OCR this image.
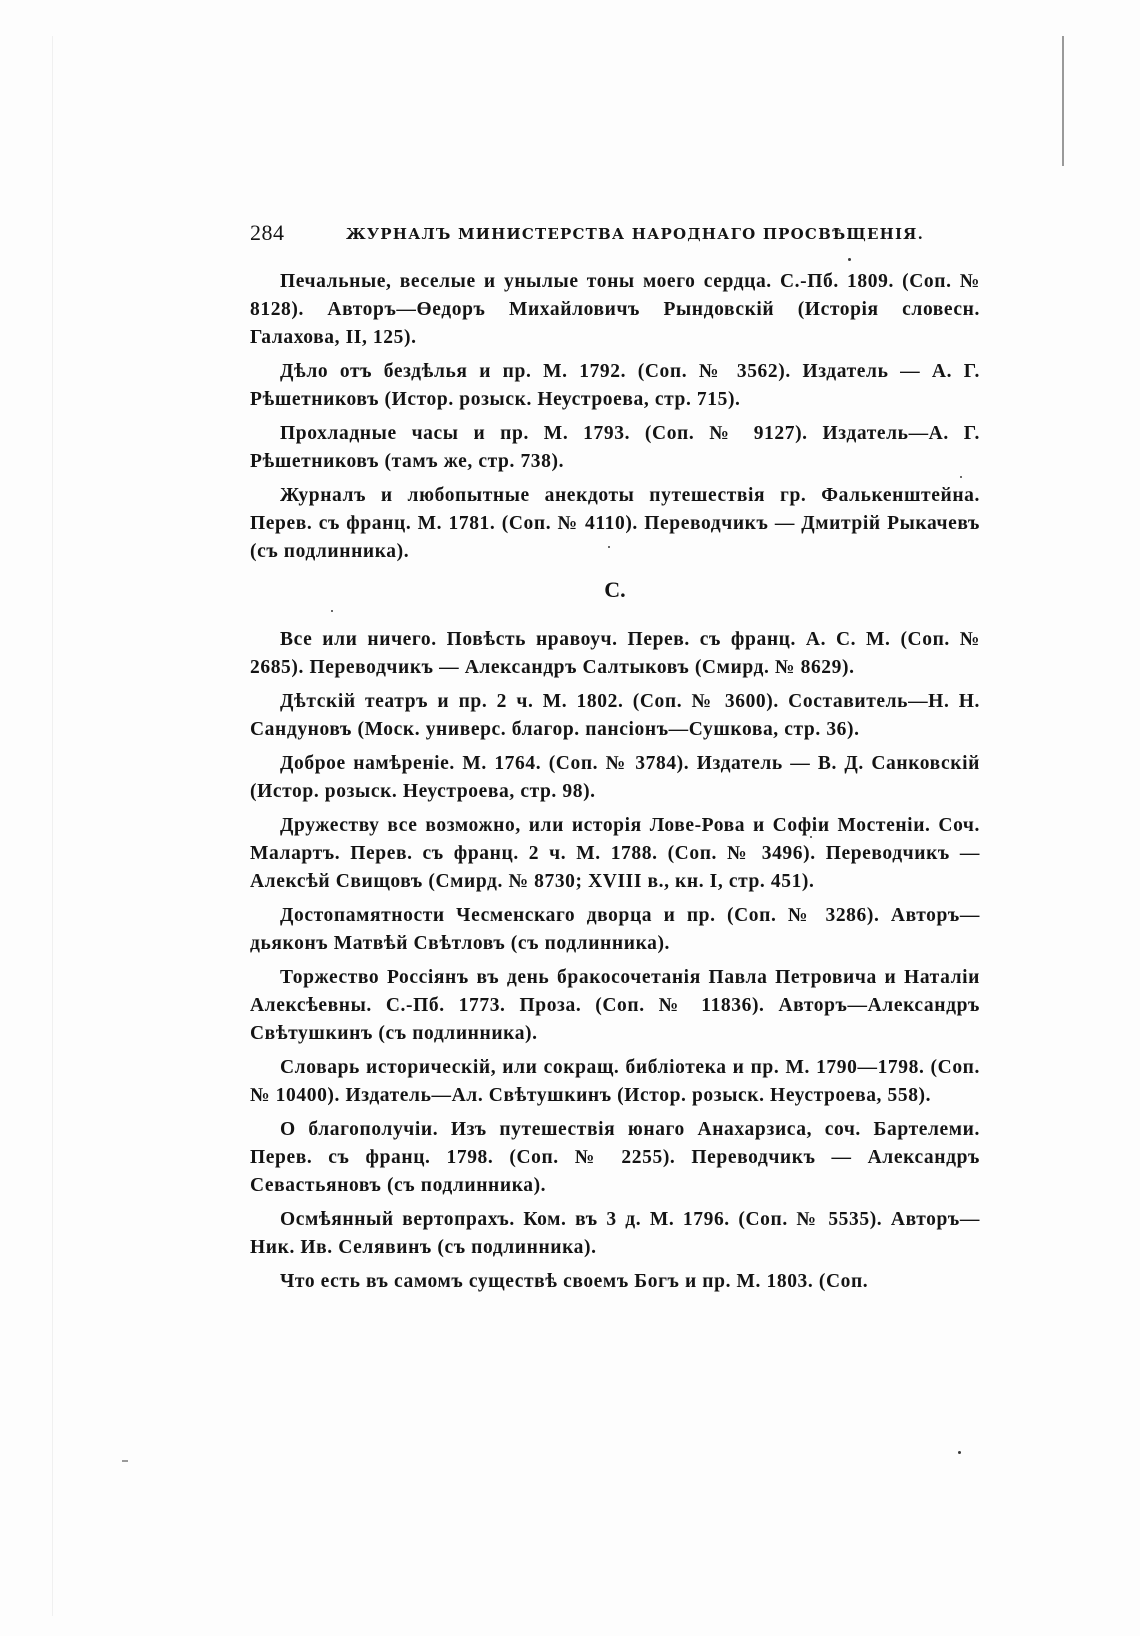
284	ЖУРНАЛЪ МИНИСТЕРСТВА НАРОДНАГО ПРОСВѢЩЕНІЯ.

Печальные, веселые и унылые тоны моего сердца. С.-Пб. 1809. (Соп. № 8128). Авторъ—Өедоръ Михайловичъ Рындовскій (Исторія словесн. Галахова, II, 125).

Дѣло отъ бездѣлья и пр. М. 1792. (Соп. № 3562). Издатель — А. Г. Рѣшетниковъ (Истор. розыск. Неустроева, стр. 715).

Прохладные часы и пр. М. 1793. (Соп. № 9127). Издатель—А. Г. Рѣшетниковъ (тамъ же, стр. 738).

Журналъ и любопытные анекдоты путешествія гр. Фалькенштейна. Перев. съ франц. М. 1781. (Соп. № 4110). Переводчикъ — Дмитрій Рыкачевъ (съ подлинника).

С.

Все или ничего. Повѣсть нравоуч. Перев. съ франц. А. С. М. (Соп. № 2685). Переводчикъ — Александръ Салтыковъ (Смирд. № 8629).

Дѣтскій театръ и пр. 2 ч. М. 1802. (Соп. № 3600). Составитель—Н. Н. Сандуновъ (Моск. универс. благор. пансіонъ—Сушкова, стр. 36).

Доброе намѣреніе. М. 1764. (Соп. № 3784). Издатель — В. Д. Санковскій (Истор. розыск. Неустроева, стр. 98).

Дружеству все возможно, или исторія Лове-Рова и Софіи Мостеніи. Соч. Малартъ. Перев. съ франц. 2 ч. М. 1788. (Соп. № 3496). Переводчикъ — Алексѣй Свищовъ (Смирд. № 8730; XVIII в., кн. I, стр. 451).

Достопамятности Чесменскаго дворца и пр. (Соп. № 3286). Авторъ—дьяконъ Матвѣй Свѣтловъ (съ подлинника).

Торжество Россіянъ въ день бракосочетанія Павла Петровича и Наталіи Алексѣевны. С.-Пб. 1773. Проза. (Соп. № 11836). Авторъ—Александръ Свѣтушкинъ (съ подлинника).

Словарь историческій, или сокращ. библіотека и пр. М. 1790—1798. (Соп. № 10400). Издатель—Ал. Свѣтушкинъ (Истор. розыск. Неустроева, 558).

О благополучіи. Изъ путешествія юнаго Анахарзиса, соч. Бартелеми. Перев. съ франц. 1798. (Соп. № 2255). Переводчикъ — Александръ Севастьяновъ (съ подлинника).

Осмѣянный вертопрахъ. Ком. въ 3 д. М. 1796. (Соп. № 5535). Авторъ—Ник. Ив. Селявинъ (съ подлинника).

Что есть въ самомъ существѣ своемъ Богъ и пр. М. 1803. (Соп.
